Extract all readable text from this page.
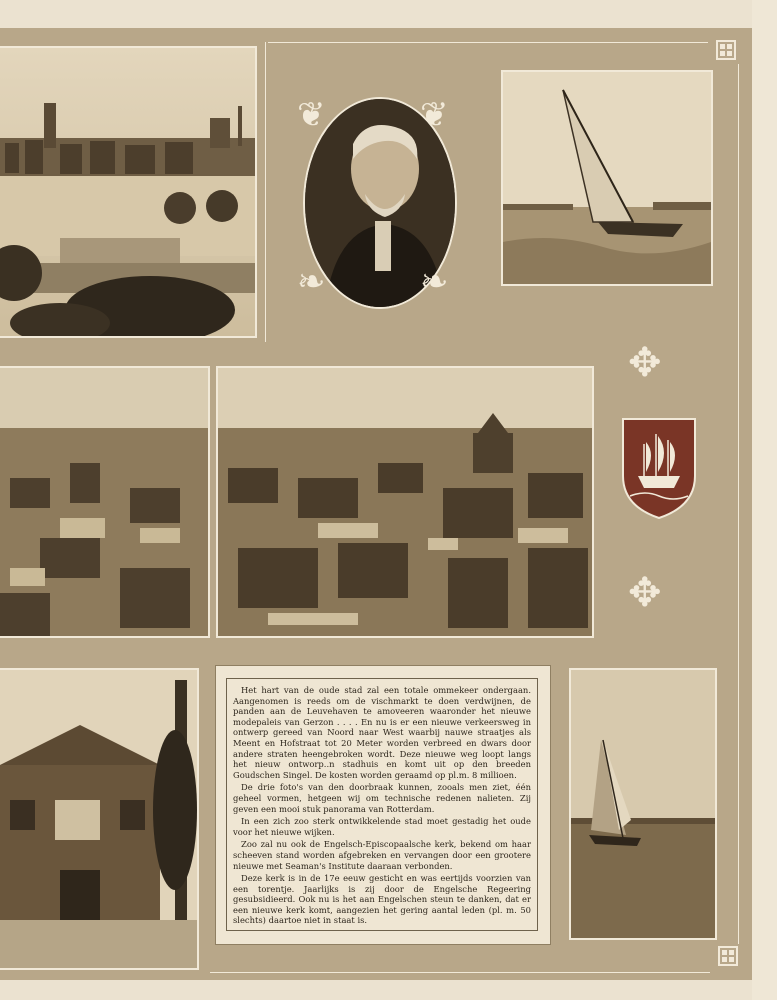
❦	❦
❧	❧
✥
✥

Het hart van de oude stad zal een totale ommekeer ondergaan. Aangenomen is reeds om de vischmarkt te doen verdwijnen, de panden aan de Leuvehaven te amoveeren waaronder het nieuwe modepaleis van Gerzon . . . . En nu is er een nieuwe verkeersweg in ontwerp gereed van Noord naar West waarbij nauwe straatjes als Meent en Hofstraat tot 20 Meter worden verbreed en dwars door andere straten heengebroken wordt. Deze nieuwe weg loopt langs het nieuw ontworp..n stadhuis en komt uit op den breeden Goudschen Singel. De kosten worden geraamd op pl.m. 8 millioen.

De drie foto's van den doorbraak kunnen, zooals men ziet, één geheel vormen, hetgeen wij om technische redenen nalieten. Zij geven een mooi stuk panorama van Rotterdam.

In een zich zoo sterk ontwikkelende stad moet gestadig het oude voor het nieuwe wijken.

Zoo zal nu ook de Engelsch-Episcopaalsche kerk, bekend om haar scheeven stand worden afgebreken en vervangen door een grootere nieuwe met Seaman's Institute daaraan verbonden.

Deze kerk is in de 17e eeuw gesticht en was eertijds voorzien van een torentje. Jaarlijks is zij door de Engelsche Regeering gesubsidieerd. Ook nu is het aan Engelschen steun te danken, dat er een nieuwe kerk komt, aangezien het gering aantal leden (pl. m. 50 slechts) daartoe niet in staat is.
